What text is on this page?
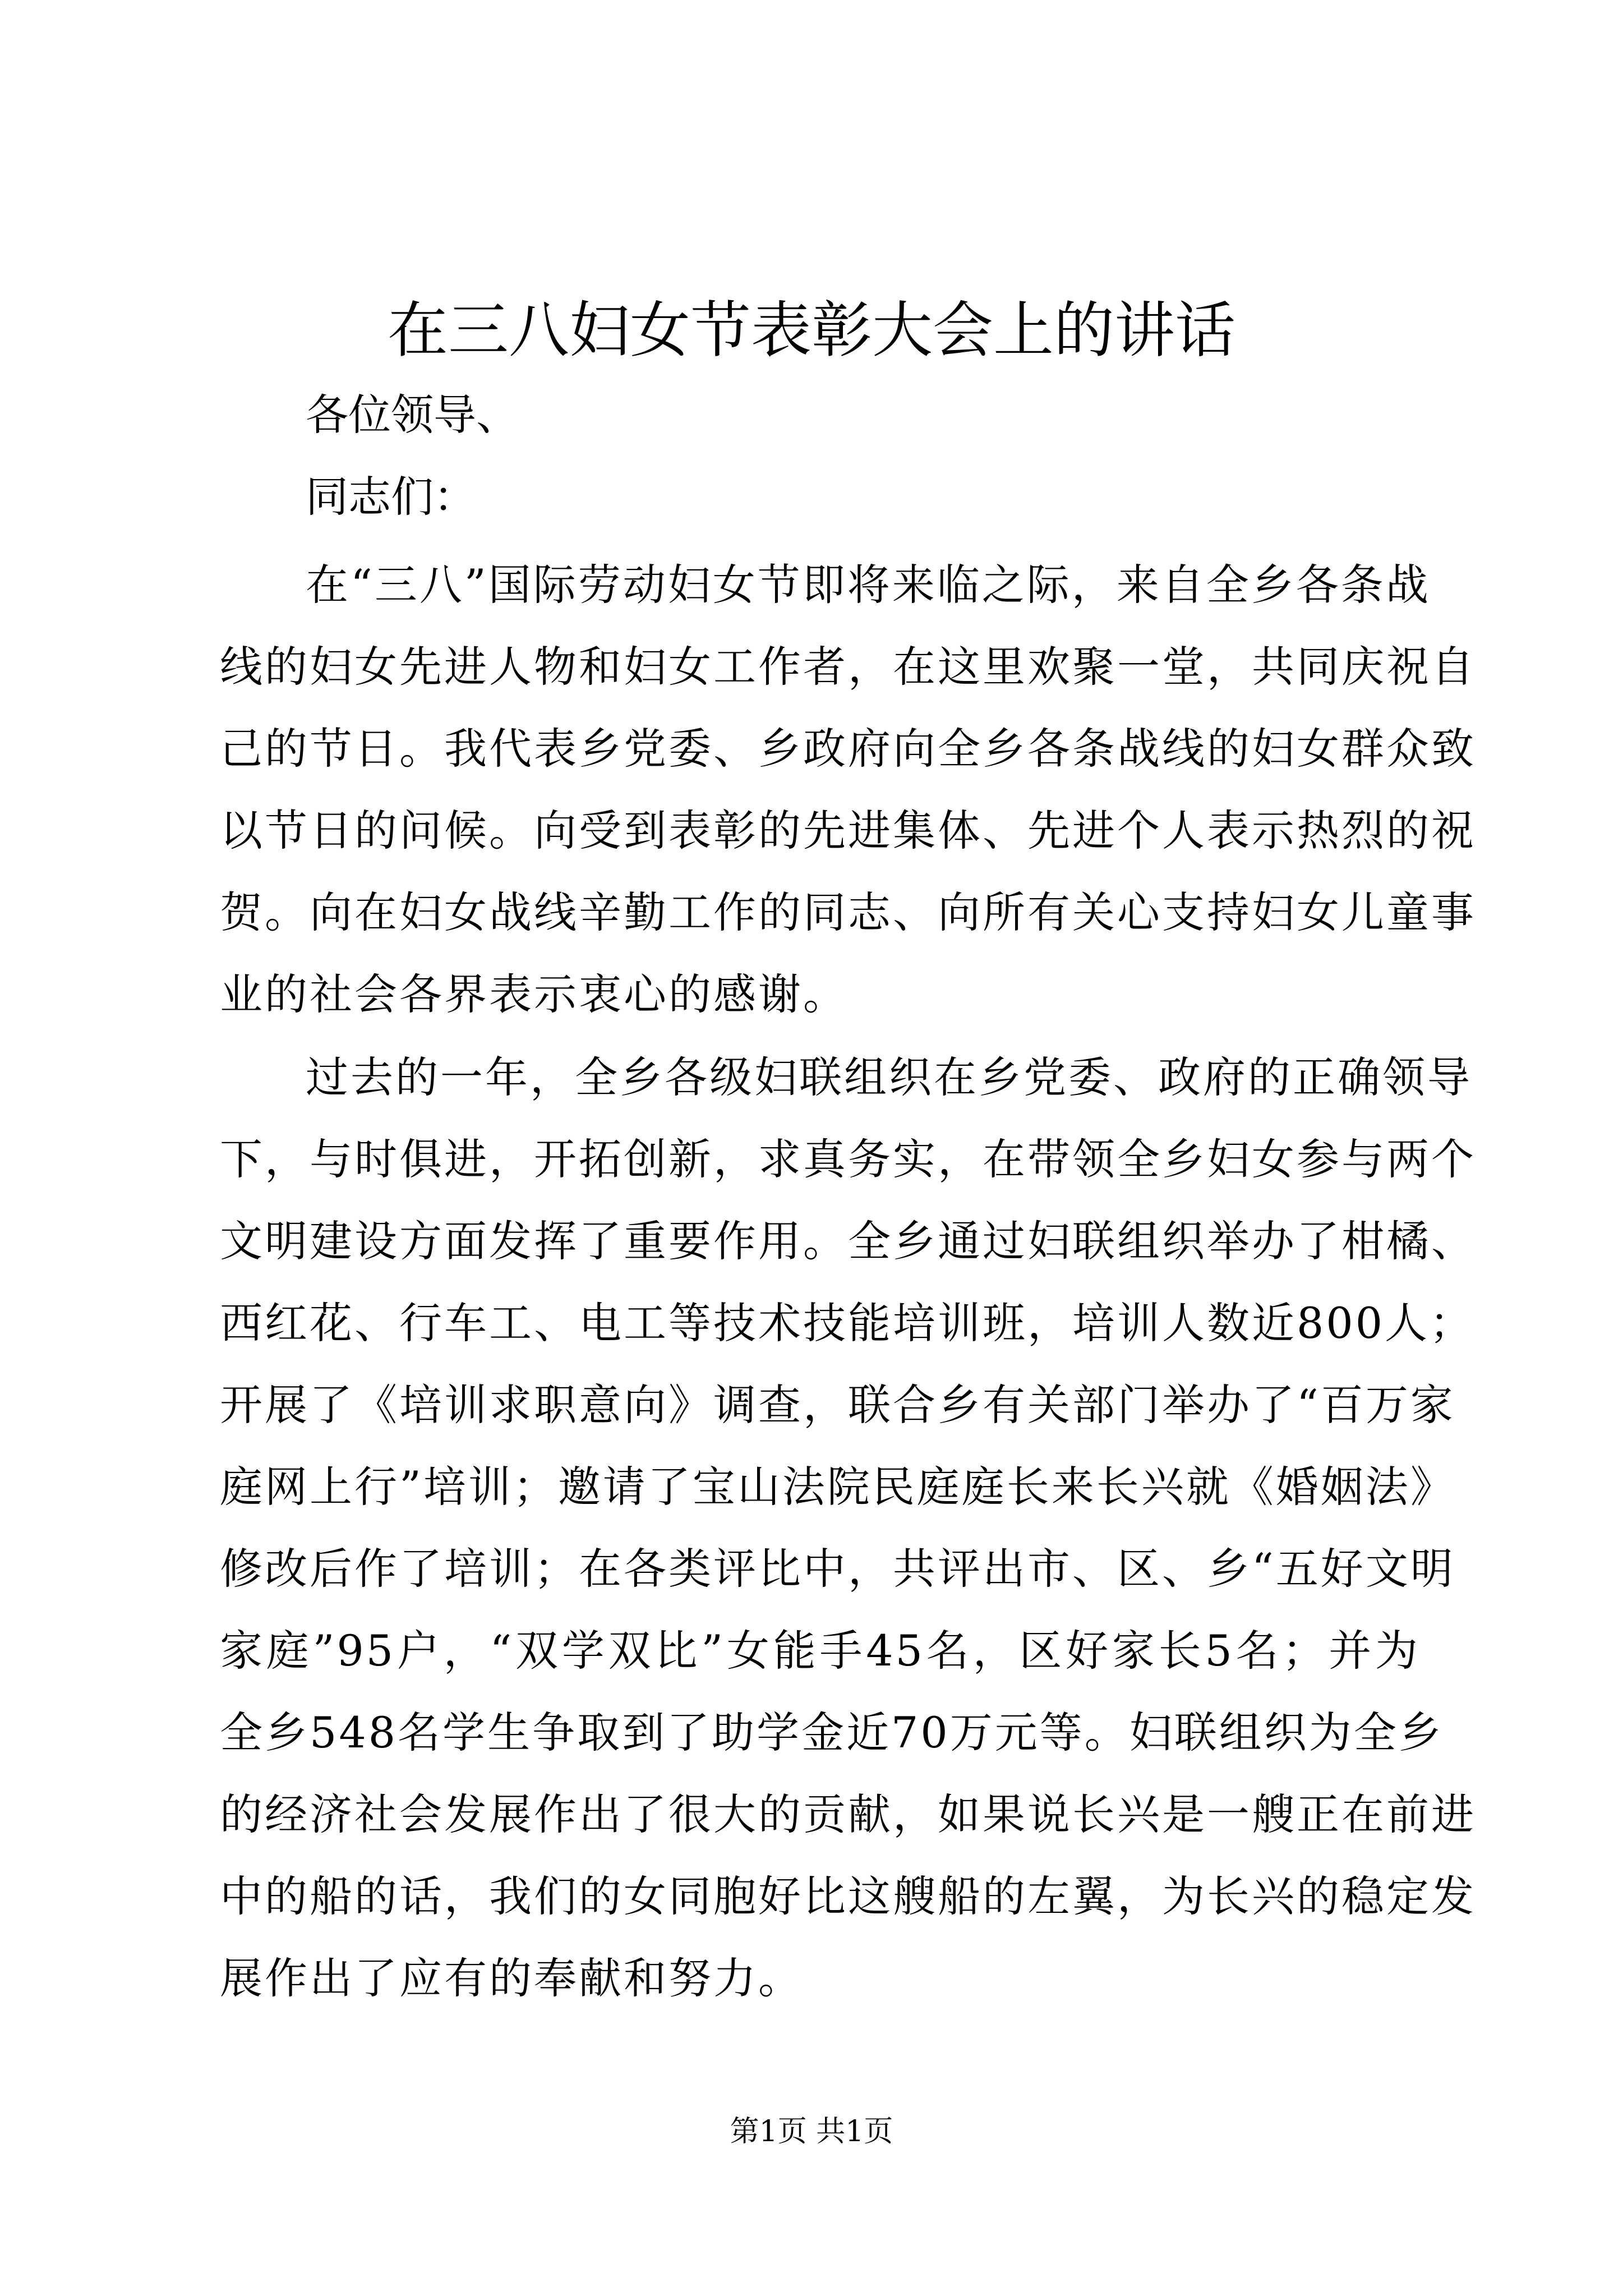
在三八妇女节表彰大会上的讲话
各位领导、
同志们：
在“三八”国际劳动妇女节即将来临之际，来自全乡各条战
线的妇女先进人物和妇女工作者，在这里欢聚一堂，共同庆祝自
己的节日。我代表乡党委、乡政府向全乡各条战线的妇女群众致
以节日的问候。向受到表彰的先进集体、先进个人表示热烈的祝
贺。向在妇女战线辛勤工作的同志、向所有关心支持妇女儿童事
业的社会各界表示衷心的感谢。
过去的一年，全乡各级妇联组织在乡党委、政府的正确领导
下，与时俱进，开拓创新，求真务实，在带领全乡妇女参与两个
文明建设方面发挥了重要作用。全乡通过妇联组织举办了柑橘、
西红花、行车工、电工等技术技能培训班，培训人数近800人；
开展了《培训求职意向》调查，联合乡有关部门举办了“百万家
庭网上行”培训；邀请了宝山法院民庭庭长来长兴就《婚姻法》
修改后作了培训；在各类评比中，共评出市、区、乡“五好文明
家庭”95户，“双学双比”女能手45名，区好家长5名；并为
全乡548名学生争取到了助学金近70万元等。妇联组织为全乡
的经济社会发展作出了很大的贡献，如果说长兴是一艘正在前进
中的船的话，我们的女同胞好比这艘船的左翼，为长兴的稳定发
展作出了应有的奉献和努力。
第1页 共1页
